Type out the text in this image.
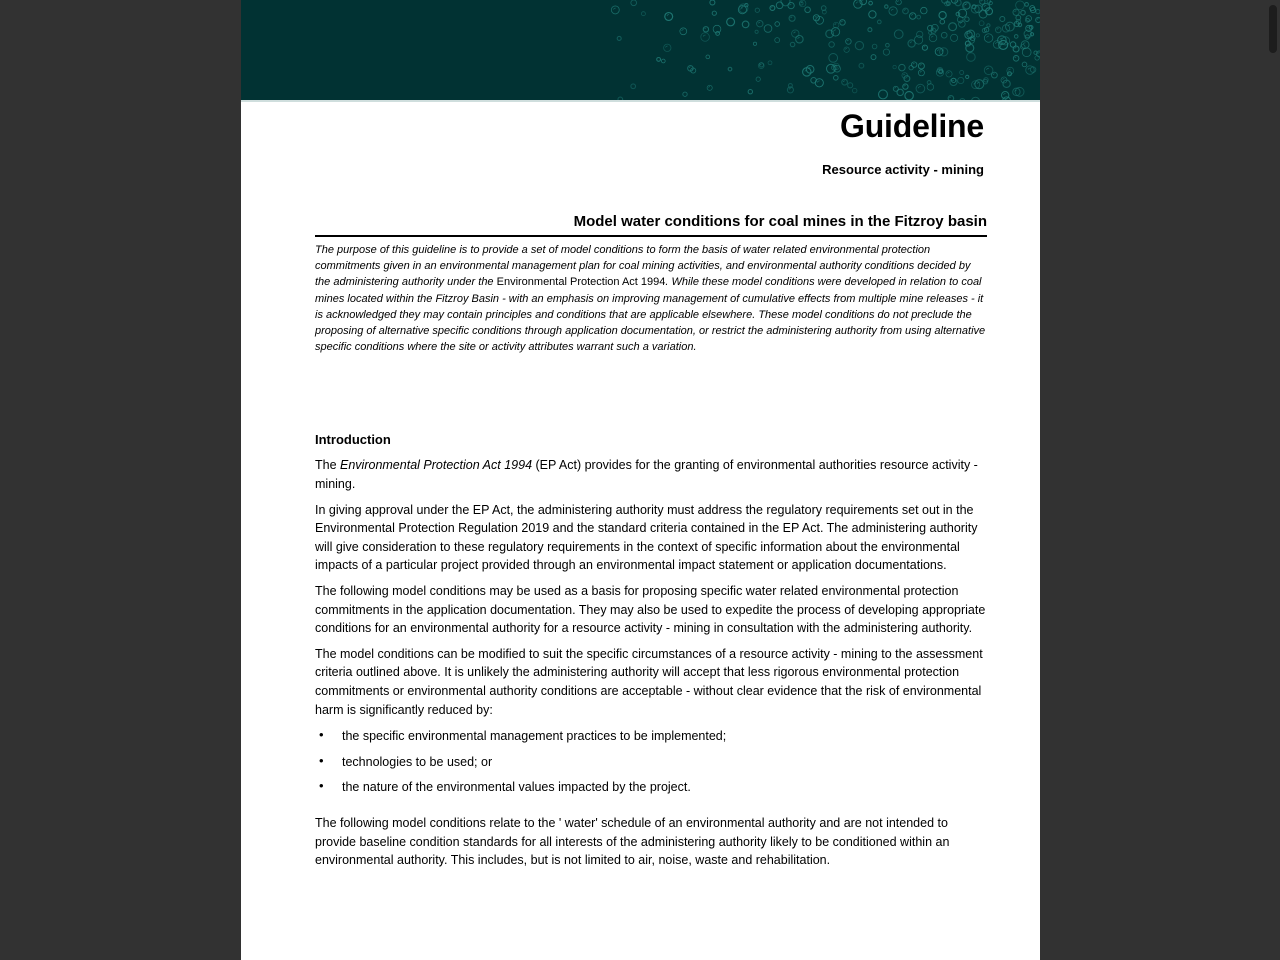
Guideline
Resource activity - mining
Model water conditions for coal mines in the Fitzroy basin

The purpose of this guideline is to provide a set of model conditions to form the basis of water related environmental protection commitments given in an environmental management plan for coal mining activities, and environmental authority conditions decided by the administering authority under the Environmental Protection Act 1994. While these model conditions were developed in relation to coal mines located within the Fitzroy Basin - with an emphasis on improving management of cumulative effects from multiple mine releases - it is acknowledged they may contain principles and conditions that are applicable elsewhere. These model conditions do not preclude the proposing of alternative specific conditions through application documentation, or restrict the administering authority from using alternative specific conditions where the site or activity attributes warrant such a variation.

Introduction

The Environmental Protection Act 1994 (EP Act) provides for the granting of environmental authorities resource activity - mining.

In giving approval under the EP Act, the administering authority must address the regulatory requirements set out in the Environmental Protection Regulation 2019 and the standard criteria contained in the EP Act. The administering authority will give consideration to these regulatory requirements in the context of specific information about the environmental impacts of a particular project provided through an environmental impact statement or application documentations.

The following model conditions may be used as a basis for proposing specific water related environmental protection commitments in the application documentation. They may also be used to expedite the process of developing appropriate conditions for an environmental authority for a resource activity - mining in consultation with the administering authority.

The model conditions can be modified to suit the specific circumstances of a resource activity - mining to the assessment criteria outlined above. It is unlikely the administering authority will accept that less rigorous environmental protection commitments or environmental authority conditions are acceptable - without clear evidence that the risk of environmental harm is significantly reduced by:

• the specific environmental management practices to be implemented;
• technologies to be used; or
• the nature of the environmental values impacted by the project.

The following model conditions relate to the ' water' schedule of an environmental authority and are not intended to provide baseline condition standards for all interests of the administering authority likely to be conditioned within an environmental authority. This includes, but is not limited to air, noise, waste and rehabilitation.
